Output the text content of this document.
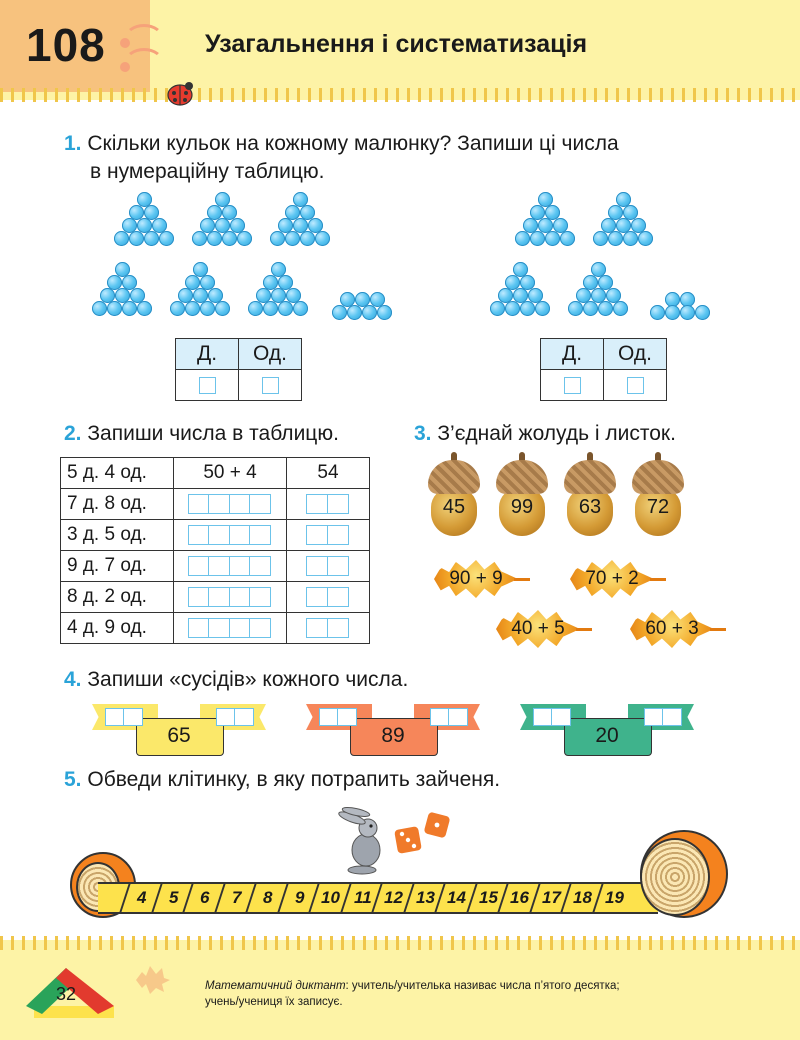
108	Узагальнення і систематизація
1. Скільки кульок на кожному малюнку? Запиши ці числа
в нумераційну таблицю.
Д.	Од.
		Д.	Од.

2. Запиши числа в таблицю.
5 д. 4 од.	50 + 4	54
7 д. 8 од.	

3 д. 5 од.	

9 д. 7 од.	

8 д. 2 од.	

4 д. 9 од.	

3. З’єднай жолудь і листок.
45	99	63	72
90 + 9	70 + 2
40 + 5	60 + 3
4. Запиши «сусідів» кожного числа.
65	89	20
5. Обведи клітинку, в яку потрапить зайченя.
4	5	6	7	8	9	10 11 12 13 14 15 16 17 18 19
32	Математичний диктант: учитель/учителька називає числа п’ятого десятка;
учень/учениця їх записує.
